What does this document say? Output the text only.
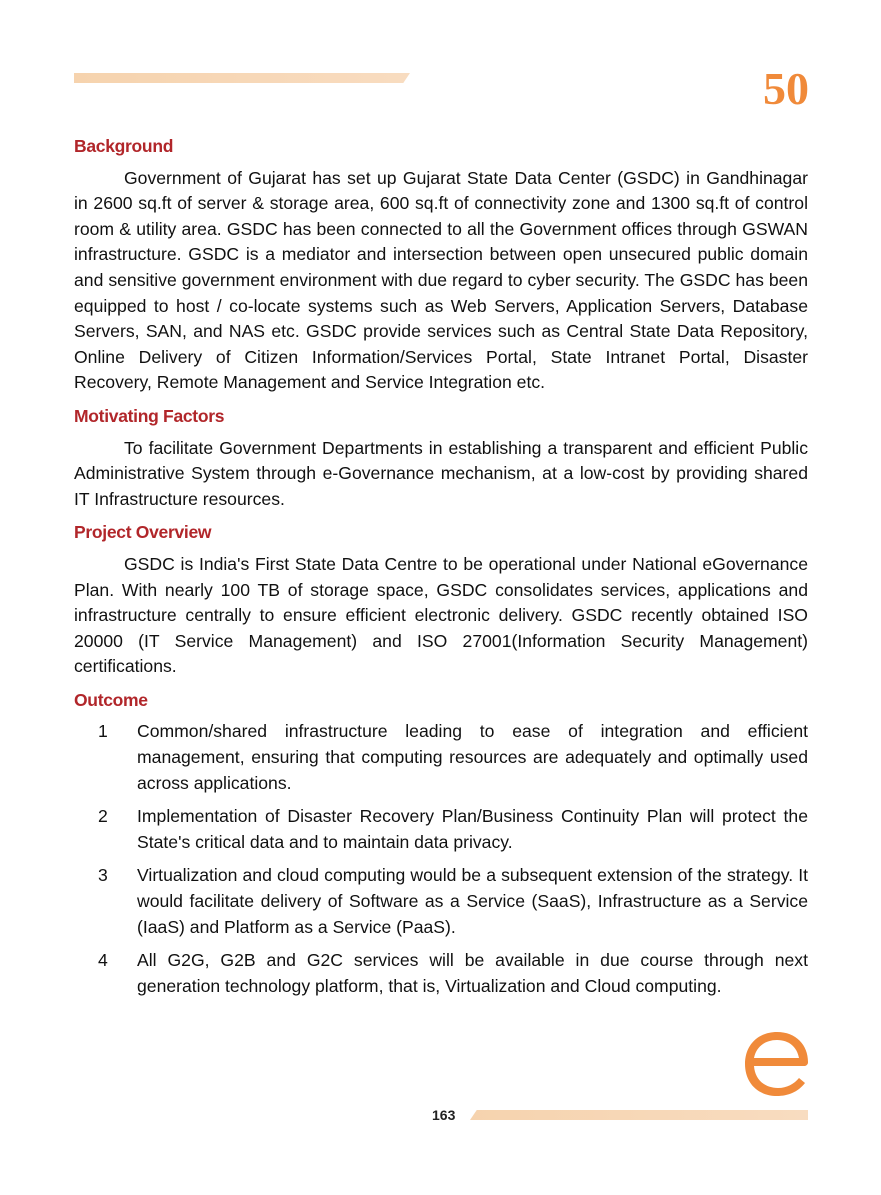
50
Background

Government of Gujarat has set up Gujarat State Data Center (GSDC) in Gandhinagar in 2600 sq.ft of server & storage area, 600 sq.ft of connectivity zone and 1300 sq.ft of control room & utility area. GSDC has been connected to all the Government offices through GSWAN infrastructure. GSDC is a mediator and intersection between open unsecured public domain and sensitive government environment with due regard to cyber security. The GSDC has been equipped to host / co-locate systems such as Web Servers, Application Servers, Database Servers, SAN, and NAS etc. GSDC provide services such as Central State Data Repository, Online Delivery of Citizen Information/Services Portal, State Intranet Portal, Disaster Recovery, Remote Management and Service Integration etc.

Motivating Factors

To facilitate Government Departments in establishing a transparent and efficient Public Administrative System through e-Governance mechanism, at a low-cost by providing shared IT Infrastructure resources.

Project Overview

GSDC is India's First State Data Centre to be operational under National eGovernance Plan. With nearly 100 TB of storage space, GSDC consolidates services, applications and infrastructure centrally to ensure efficient electronic delivery. GSDC recently obtained ISO 20000 (IT Service Management) and ISO 27001(Information Security Management) certifications.

Outcome
1 Common/shared infrastructure leading to ease of integration and efficient management, ensuring that computing resources are adequately and optimally used across applications.
2 Implementation of Disaster Recovery Plan/Business Continuity Plan will protect the State's critical data and to maintain data privacy.
3 Virtualization and cloud computing would be a subsequent extension of the strategy. It would facilitate delivery of Software as a Service (SaaS), Infrastructure as a Service (IaaS) and Platform as a Service (PaaS).
4 All G2G, G2B and G2C services will be available in due course through next generation technology platform, that is, Virtualization and Cloud computing.
163
